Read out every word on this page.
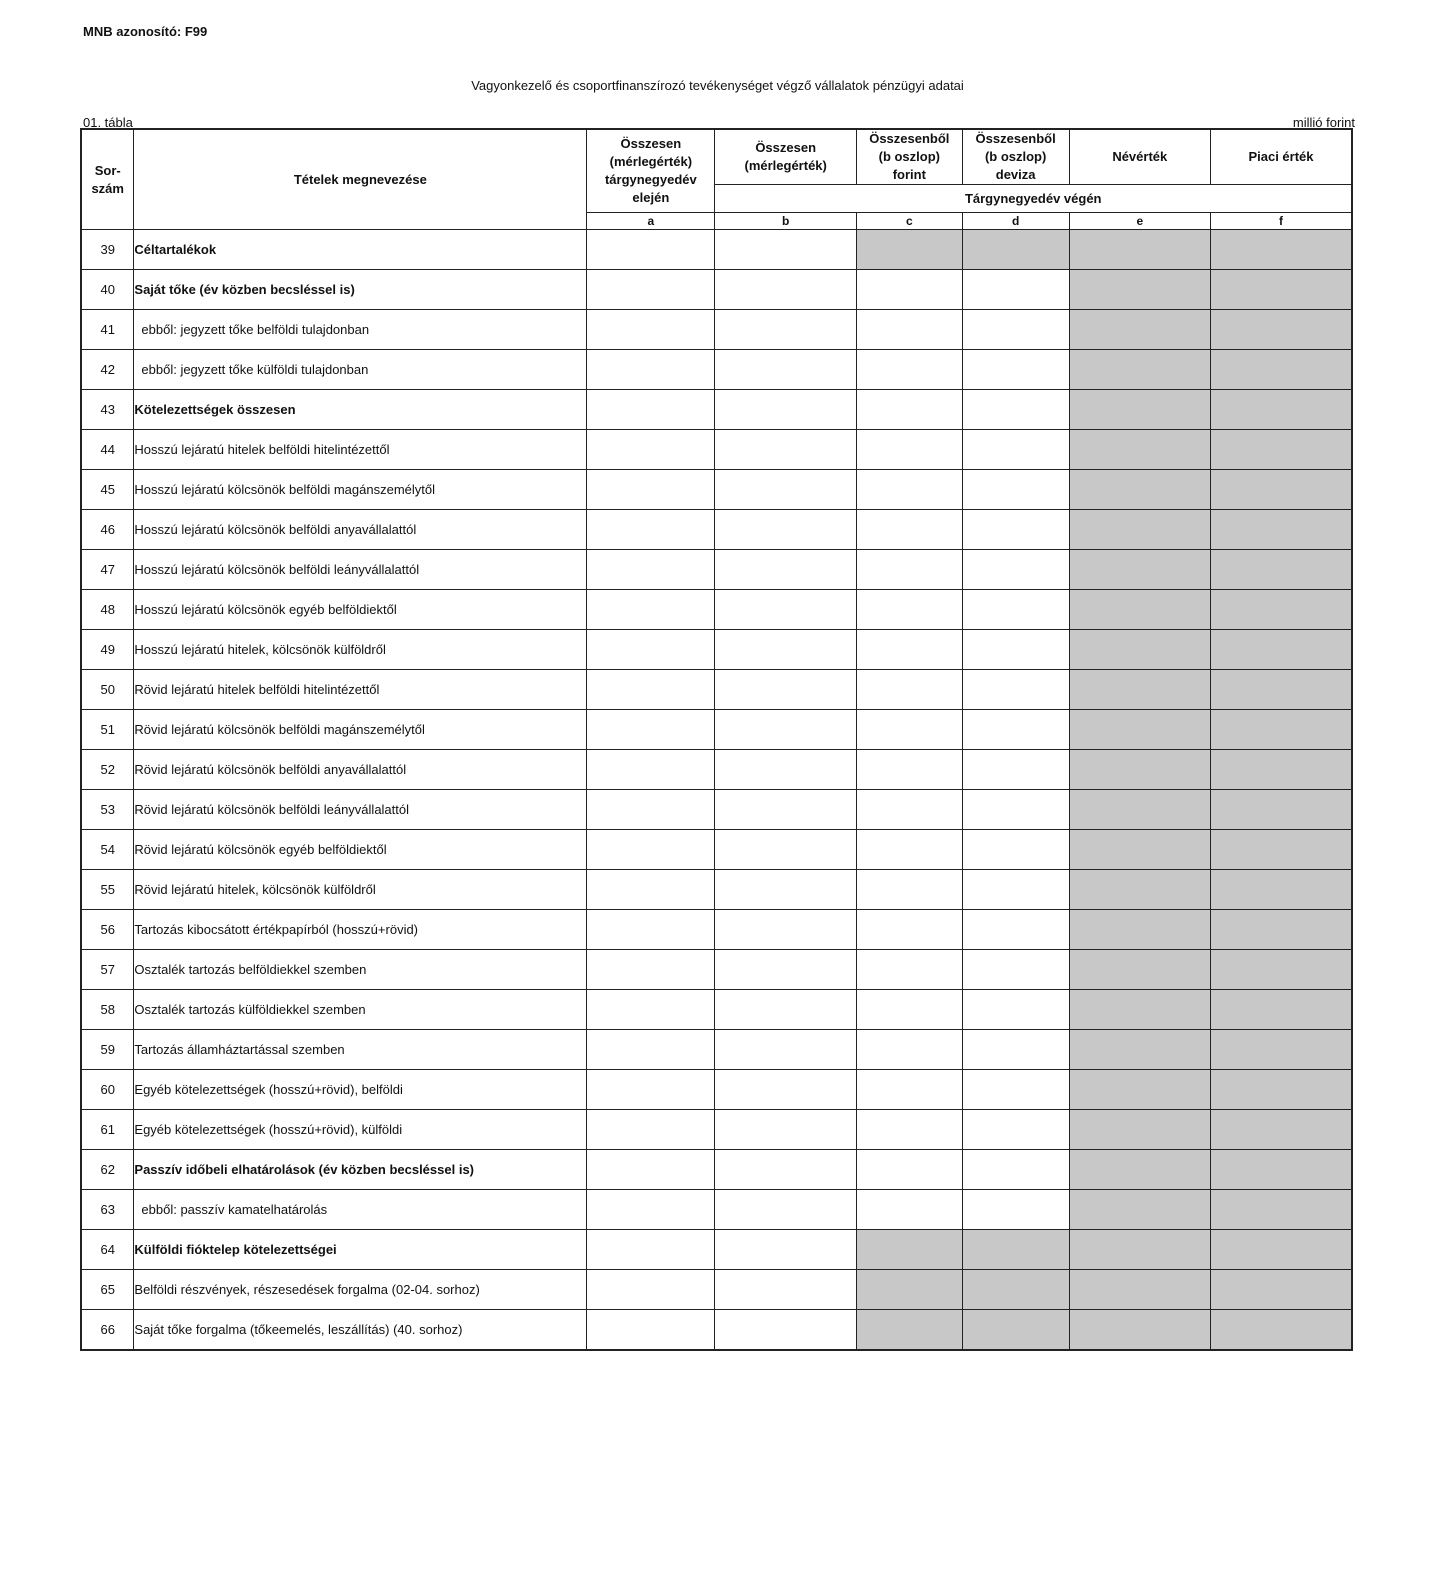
MNB azonosító: F99
Vagyonkezelő és csoportfinanszírozó tevékenységet végző vállalatok pénzügyi adatai
01. tábla	millió forint
Sor-
szám	Tételek megnevezése	Összesen
(mérlegérték)
tárgynegyedév
elején	Összesen
(mérlegérték)	Összesenből
(b oszlop)
forint	Összesenből
(b oszlop)
deviza	Névérték	Piaci érték
			Tárgynegyedév végén				
		a	b	c	d	e	f
39	Céltartalékok						
40	Saját tőke (év közben becsléssel is)						
41	ebből: jegyzett tőke belföldi tulajdonban						
42	ebből: jegyzett tőke külföldi tulajdonban						
43	Kötelezettségek összesen						
44	Hosszú lejáratú hitelek belföldi hitelintézettől						
45	Hosszú lejáratú kölcsönök belföldi magánszemélytől						
46	Hosszú lejáratú kölcsönök belföldi anyavállalattól						
47	Hosszú lejáratú kölcsönök belföldi leányvállalattól						
48	Hosszú lejáratú kölcsönök egyéb belföldiektől						
49	Hosszú lejáratú hitelek, kölcsönök külföldről						
50	Rövid lejáratú hitelek belföldi hitelintézettől						
51	Rövid lejáratú kölcsönök belföldi magánszemélytől						
52	Rövid lejáratú kölcsönök belföldi anyavállalattól						
53	Rövid lejáratú kölcsönök belföldi leányvállalattól						
54	Rövid lejáratú kölcsönök egyéb belföldiektől						
55	Rövid lejáratú hitelek, kölcsönök külföldről						
56	Tartozás kibocsátott értékpapírból (hosszú+rövid)						
57	Osztalék tartozás belföldiekkel szemben						
58	Osztalék tartozás külföldiekkel szemben						
59	Tartozás államháztartással szemben						
60	Egyéb kötelezettségek (hosszú+rövid), belföldi						
61	Egyéb kötelezettségek (hosszú+rövid), külföldi						
62	Passzív időbeli elhatárolások (év közben becsléssel is)						
63	ebből: passzív kamatelhatárolás						
64	Külföldi fióktelep kötelezettségei						
65	Belföldi részvények, részesedések forgalma (02-04. sorhoz)						
66	Saját tőke forgalma (tőkeemelés, leszállítás) (40. sorhoz)						
